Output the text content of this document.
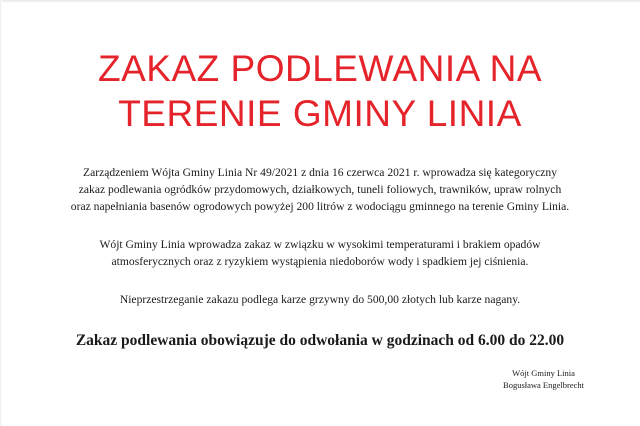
ZAKAZ PODLEWANIA NA
TERENIE GMINY LINIA

Zarządzeniem Wójta Gminy Linia Nr 49/2021 z dnia 16 czerwca 2021 r. wprowadza się kategoryczny
zakaz podlewania ogródków przydomowych, działkowych, tuneli foliowych, trawników, upraw rolnych
oraz napełniania basenów ogrodowych powyżej 200 litrów z wodociągu gminnego na terenie Gminy Linia.

Wójt Gminy Linia wprowadza zakaz w związku w wysokimi temperaturami i brakiem opadów
atmosferycznych oraz z ryzykiem wystąpienia niedoborów wody i spadkiem jej ciśnienia.

Nieprzestrzeganie zakazu podlega karze grzywny do 500,00 złotych lub karze nagany.

Zakaz podlewania obowiązuje do odwołania w godzinach od 6.00 do 22.00

Wójt Gminy Linia
Bogusława Engelbrecht
